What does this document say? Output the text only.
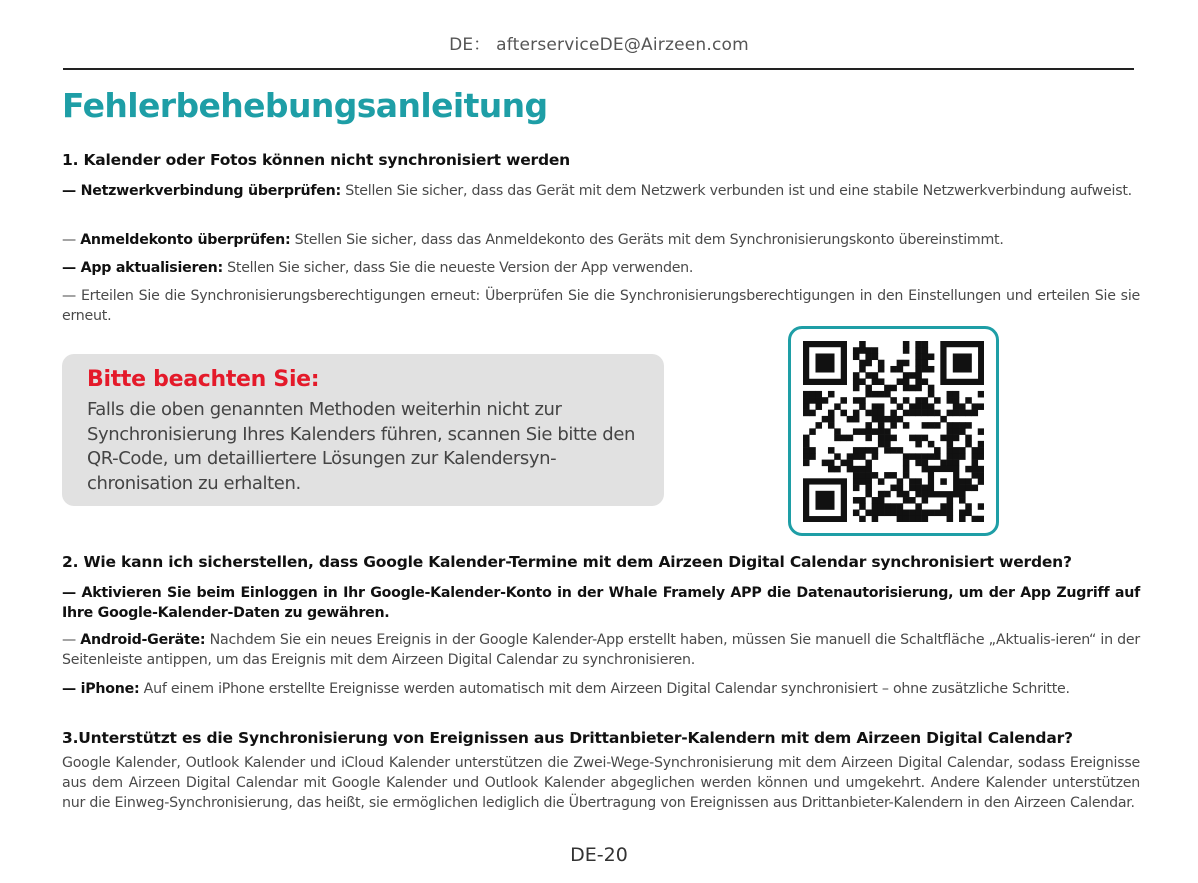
DE： afterserviceDE@Airzeen.com
Fehlerbehebungsanleitung
1. Kalender oder Fotos können nicht synchronisiert werden
— Netzwerkverbindung überprüfen: Stellen Sie sicher, dass das Gerät mit dem Netzwerk verbunden ist und eine stabile Netzwerkverbindung aufweist.
— Anmeldekonto überprüfen: Stellen Sie sicher, dass das Anmeldekonto des Geräts mit dem Synchronisierungskonto übereinstimmt.
— App aktualisieren: Stellen Sie sicher, dass Sie die neueste Version der App verwenden.
— Erteilen Sie die Synchronisierungsberechtigungen erneut: Überprüfen Sie die Synchronisierungsberechtigungen in den Einstellungen und erteilen Sie sie erneut.
Bitte beachten Sie:
Falls die oben genannten Methoden weiterhin nicht zur Synchronisierung Ihres Kalenders führen, scannen Sie bitte den QR-Code, um detailliertere Lösungen zur Kalendersyn-chronisation zu erhalten.
2. Wie kann ich sicherstellen, dass Google Kalender-Termine mit dem Airzeen Digital Calendar synchronisiert werden?
— Aktivieren Sie beim Einloggen in Ihr Google-Kalender-Konto in der Whale Framely APP die Datenautorisierung, um der App Zugriff auf Ihre Google-Kalender-Daten zu gewähren.
— Android-Geräte: Nachdem Sie ein neues Ereignis in der Google Kalender-App erstellt haben, müssen Sie manuell die Schaltfläche „Aktualis-ieren“ in der Seitenleiste antippen, um das Ereignis mit dem Airzeen Digital Calendar zu synchronisieren.
— iPhone: Auf einem iPhone erstellte Ereignisse werden automatisch mit dem Airzeen Digital Calendar synchronisiert – ohne zusätzliche Schritte.
3.Unterstützt es die Synchronisierung von Ereignissen aus Drittanbieter-Kalendern mit dem Airzeen Digital Calendar?
Google Kalender, Outlook Kalender und iCloud Kalender unterstützen die Zwei-Wege-Synchronisierung mit dem Airzeen Digital Calendar, sodass Ereignisse aus dem Airzeen Digital Calendar mit Google Kalender und Outlook Kalender abgeglichen werden können und umgekehrt. Andere Kalender unterstützen nur die Einweg-Synchronisierung, das heißt, sie ermöglichen lediglich die Übertragung von Ereignissen aus Drittanbieter-Kalendern in den Airzeen Calendar.
DE-20
